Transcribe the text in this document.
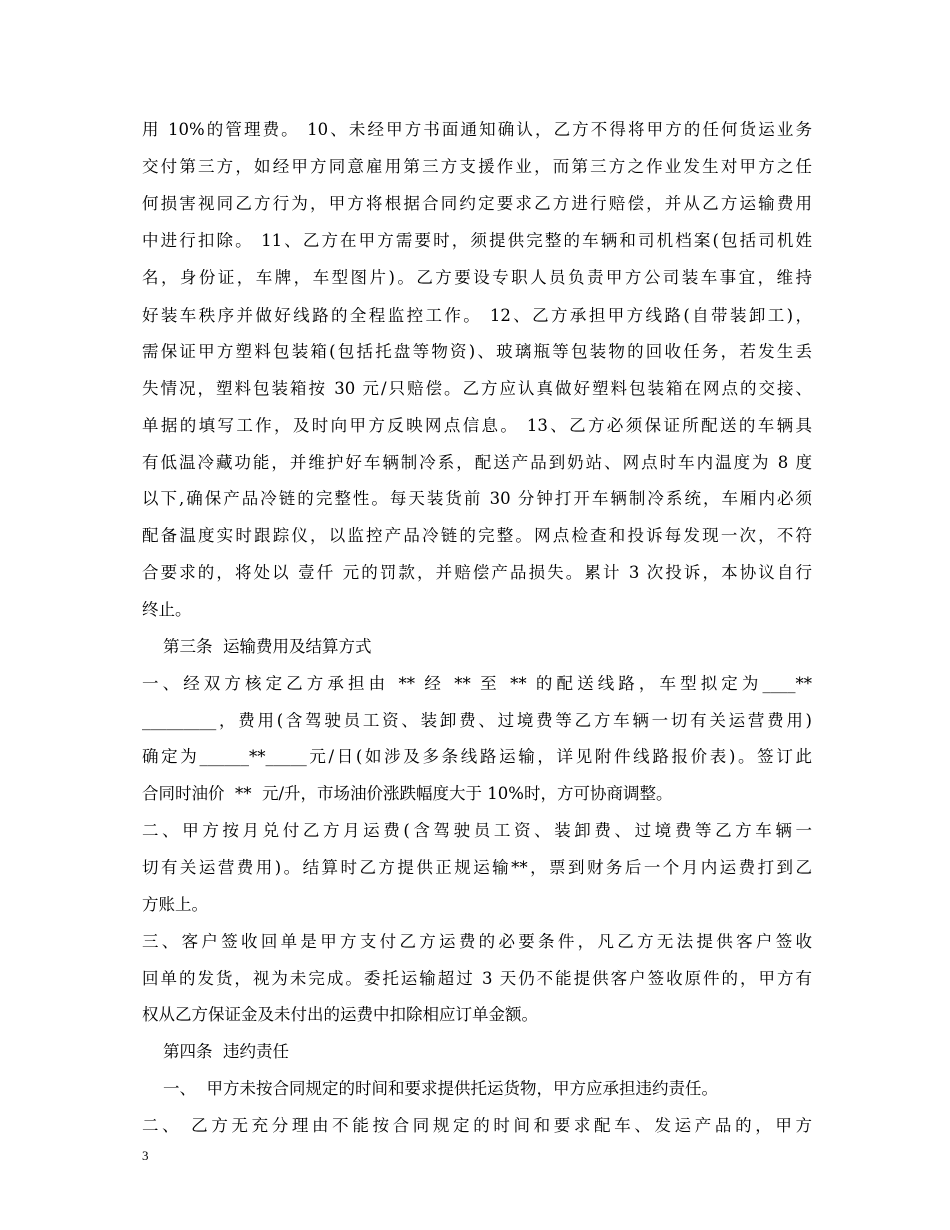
用 10%的管理费。 10、未经甲方书面通知确认，乙方不得将甲方的任何货运业务
交付第三方，如经甲方同意雇用第三方支援作业，而第三方之作业发生对甲方之任
何损害视同乙方行为，甲方将根据合同约定要求乙方进行赔偿，并从乙方运输费用
中进行扣除。 11、乙方在甲方需要时，须提供完整的车辆和司机档案(包括司机姓
名，身份证，车牌，车型图片)。乙方要设专职人员负责甲方公司装车事宜，维持
好装车秩序并做好线路的全程监控工作。 12、乙方承担甲方线路(自带装卸工)，
需保证甲方塑料包装箱(包括托盘等物资)、玻璃瓶等包装物的回收任务，若发生丢
失情况，塑料包装箱按 30 元/只赔偿。乙方应认真做好塑料包装箱在网点的交接、
单据的填写工作，及时向甲方反映网点信息。 13、乙方必须保证所配送的车辆具
有低温冷藏功能，并维护好车辆制冷系，配送产品到奶站、网点时车内温度为 8 度
以下,确保产品冷链的完整性。每天装货前 30 分钟打开车辆制冷系统，车厢内必须
配备温度实时跟踪仪，以监控产品冷链的完整。网点检查和投诉每发现一次，不符
合要求的，将处以 壹仟 元的罚款，并赔偿产品损失。累计 3 次投诉，本协议自行
终止。
第三条  运输费用及结算方式
一、经双方核定乙方承担由 ** 经 ** 至 ** 的配送线路，车型拟定为____**
_________，费用(含驾驶员工资、装卸费、过境费等乙方车辆一切有关运营费用)
确定为______**_____元/日(如涉及多条线路运输，详见附件线路报价表)。签订此
合同时油价  **  元/升，市场油价涨跌幅度大于 10%时，方可协商调整。
二、甲方按月兑付乙方月运费(含驾驶员工资、装卸费、过境费等乙方车辆一
切有关运营费用)。结算时乙方提供正规运输**，票到财务后一个月内运费打到乙
方账上。
三、客户签收回单是甲方支付乙方运费的必要条件，凡乙方无法提供客户签收
回单的发货，视为未完成。委托运输超过 3 天仍不能提供客户签收原件的，甲方有
权从乙方保证金及未付出的运费中扣除相应订单金额。
第四条  违约责任
一、  甲方未按合同规定的时间和要求提供托运货物，甲方应承担违约责任。
二、 乙方无充分理由不能按合同规定的时间和要求配车、发运产品的，甲方
3
